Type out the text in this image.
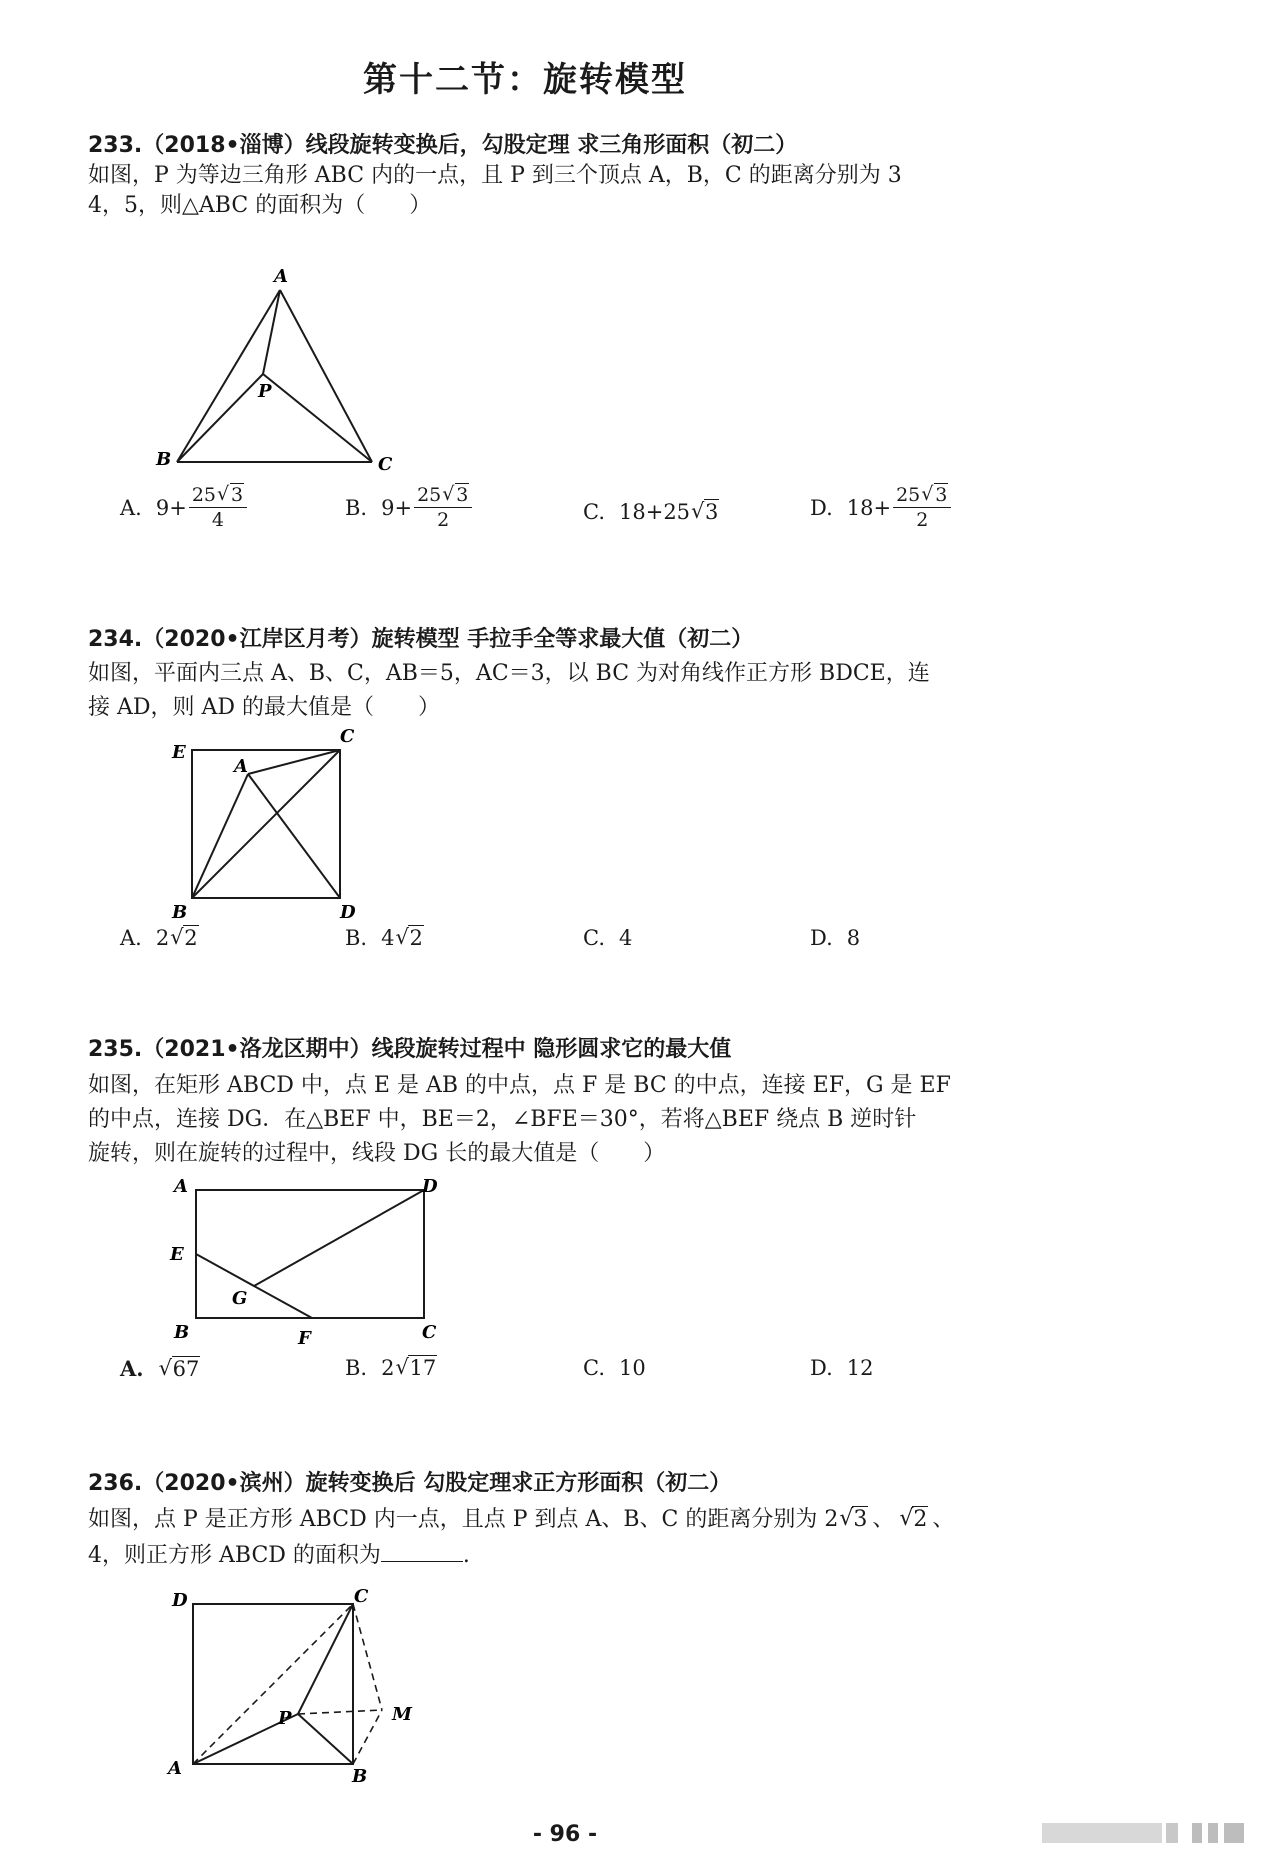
第十二节：旋转模型
233.（2018•淄博）线段旋转变换后，勾股定理 求三角形面积（初二）
如图，P 为等边三角形 ABC 内的一点，且 P 到三个顶点 A，B，C 的距离分别为 3
4，5，则△ABC 的面积为（　　）
A
P
B	C
A. $9+ \frac{25 √ 3}{4}$	B. $9+ \frac{25 √ 3}{2}$	C. 18+25 √ 3	D. $18+ \frac{25 √ 3}{2}$
234.（2020•江岸区月考）旋转模型 手拉手全等求最大值（初二）
如图，平面内三点 A、B、C，AB＝5，AC＝3，以 BC 为对角线作正方形 BDCE，连
接 AD，则 AD 的最大值是（　　）
E
A
C
B	D
A. 2 √ 2	B. 4 √ 2	C. 4	D. 8
235.（2021•洛龙区期中）线段旋转过程中 隐形圆求它的最大值
如图，在矩形 ABCD 中，点 E 是 AB 的中点，点 F 是 BC 的中点，连接 EF，G 是 EF
的中点，连接 DG．在△BEF 中，BE＝2，∠BFE＝30°，若将△BEF 绕点 B 逆时针
旋转，则在旋转的过程中，线段 DG 长的最大值是（　　）
A	D
E
G
B	F	C
A.	√ 67	B. 2 √ 17	C. 10	D. 12
236.（2020•滨州）旋转变换后 勾股定理求正方形面积（初二）
如图，点 P 是正方形 ABCD 内一点，且点 P 到点 A、B、C 的距离分别为 2 √ 3 、 √ 2 、
4，则正方形 ABCD 的面积为	.
D	C
P	M
A	B
- 96 -
